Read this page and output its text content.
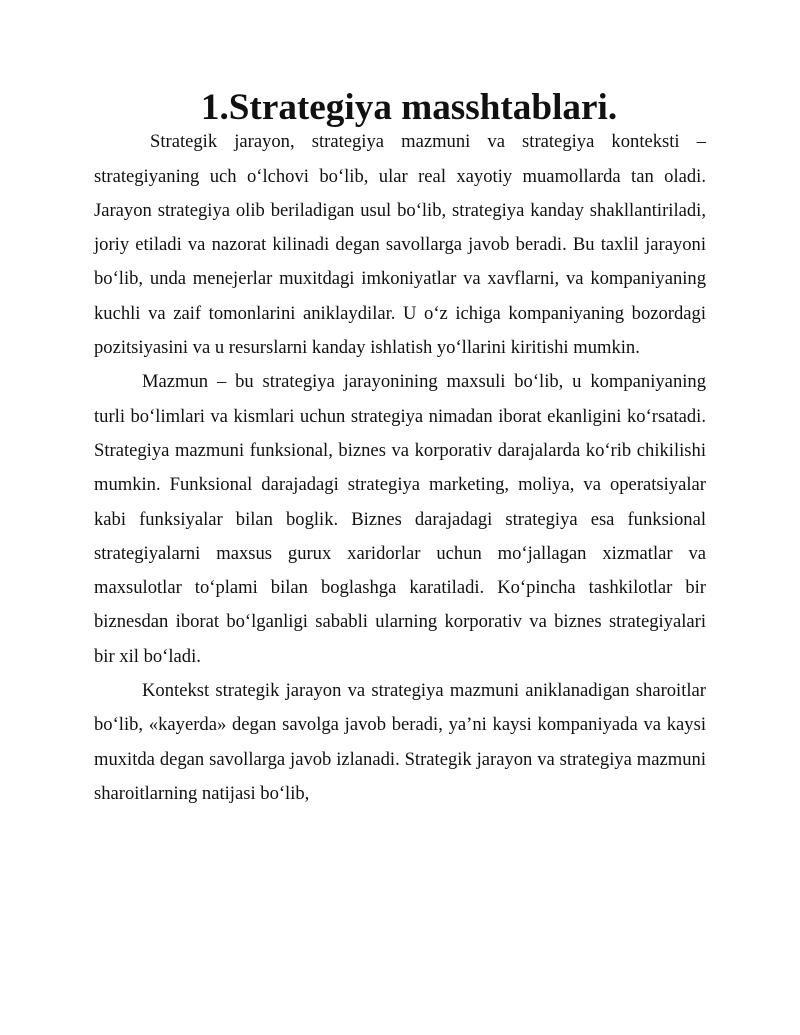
1.Strategiya masshtablari.

Strategik jarayon, strategiya mazmuni va strategiya konteksti – strategiyaning uch o‘lchovi bo‘lib, ular real xayotiy muamollarda tan oladi. Jarayon strategiya olib beriladigan usul bo‘lib, strategiya kanday shakllantiriladi, joriy etiladi va nazorat kilinadi degan savollarga javob beradi. Bu taxlil jarayoni bo‘lib, unda menejerlar muxitdagi imkoniyatlar va xavflarni, va kompaniyaning kuchli va zaif tomonlarini aniklaydilar. U o‘z ichiga kompaniyaning bozordagi pozitsiyasini va u resurslarni kanday ishlatish yo‘llarini kiritishi mumkin.

Mazmun – bu strategiya jarayonining maxsuli bo‘lib, u kompaniyaning turli bo‘limlari va kismlari uchun strategiya nimadan iborat ekanligini ko‘rsatadi. Strategiya mazmuni funksional, biznes va korporativ darajalarda ko‘rib chikilishi mumkin. Funksional darajadagi strategiya marketing, moliya, va operatsiyalar kabi funksiyalar bilan boglik. Biznes darajadagi strategiya esa funksional strategiyalarni maxsus gurux xaridorlar uchun mo‘jallagan xizmatlar va maxsulotlar to‘plami bilan boglashga karatiladi. Ko‘pincha tashkilotlar bir biznesdan iborat bo‘lganligi sababli ularning korporativ va biznes strategiyalari bir xil bo‘ladi.

Kontekst strategik jarayon va strategiya mazmuni aniklanadigan sharoitlar bo‘lib, «kayerda» degan savolga javob beradi, ya’ni kaysi kompaniyada va kaysi muxitda degan savollarga javob izlanadi. Strategik jarayon va strategiya mazmuni sharoitlarning natijasi bo‘lib,
